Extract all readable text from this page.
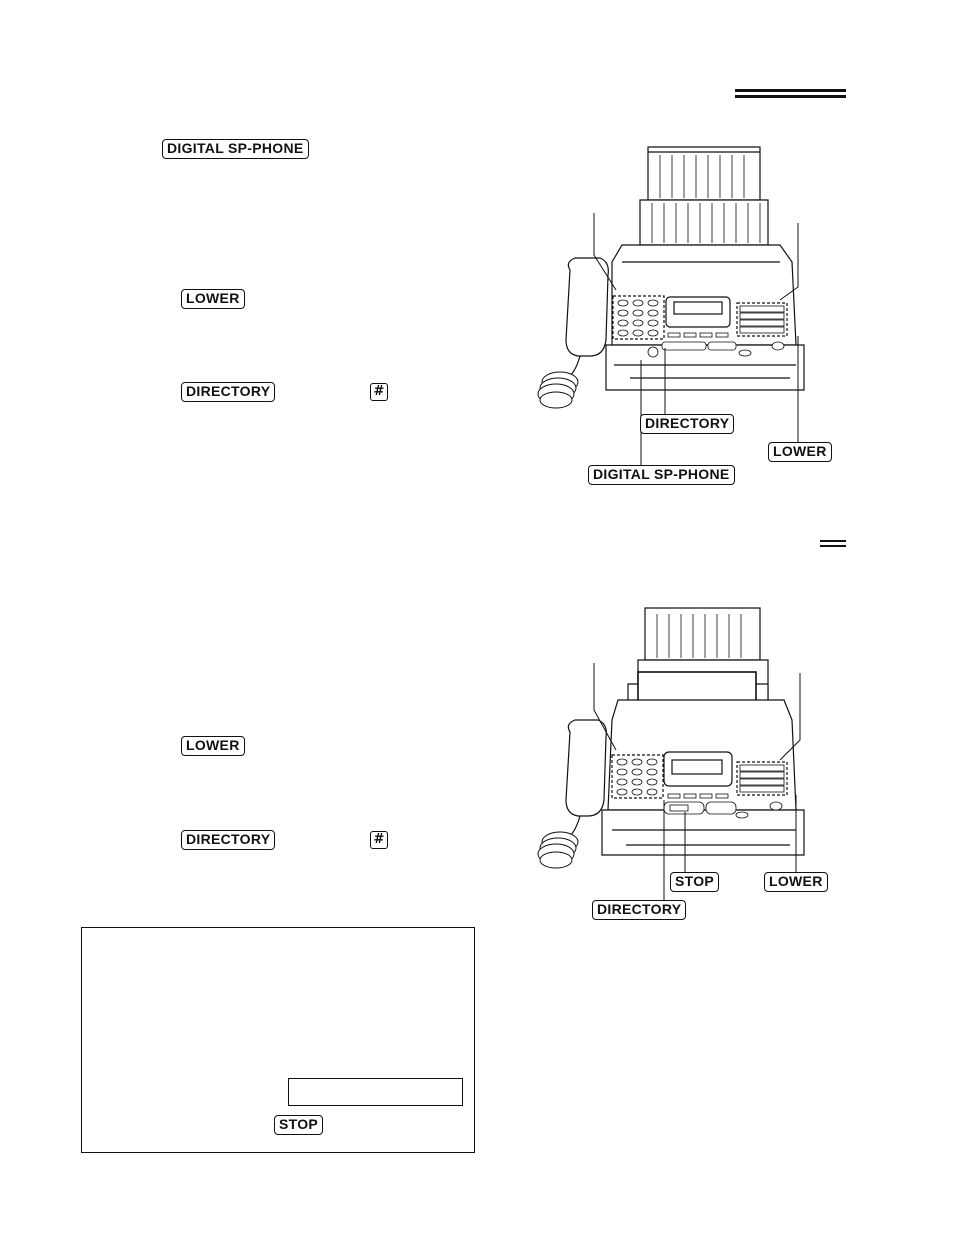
DIGITAL SP-PHONE
LOWER
DIRECTORY	#
LOWER
DIRECTORY	#
STOP
DIRECTORY
LOWER
DIGITAL SP-PHONE
STOP	LOWER
DIRECTORY
